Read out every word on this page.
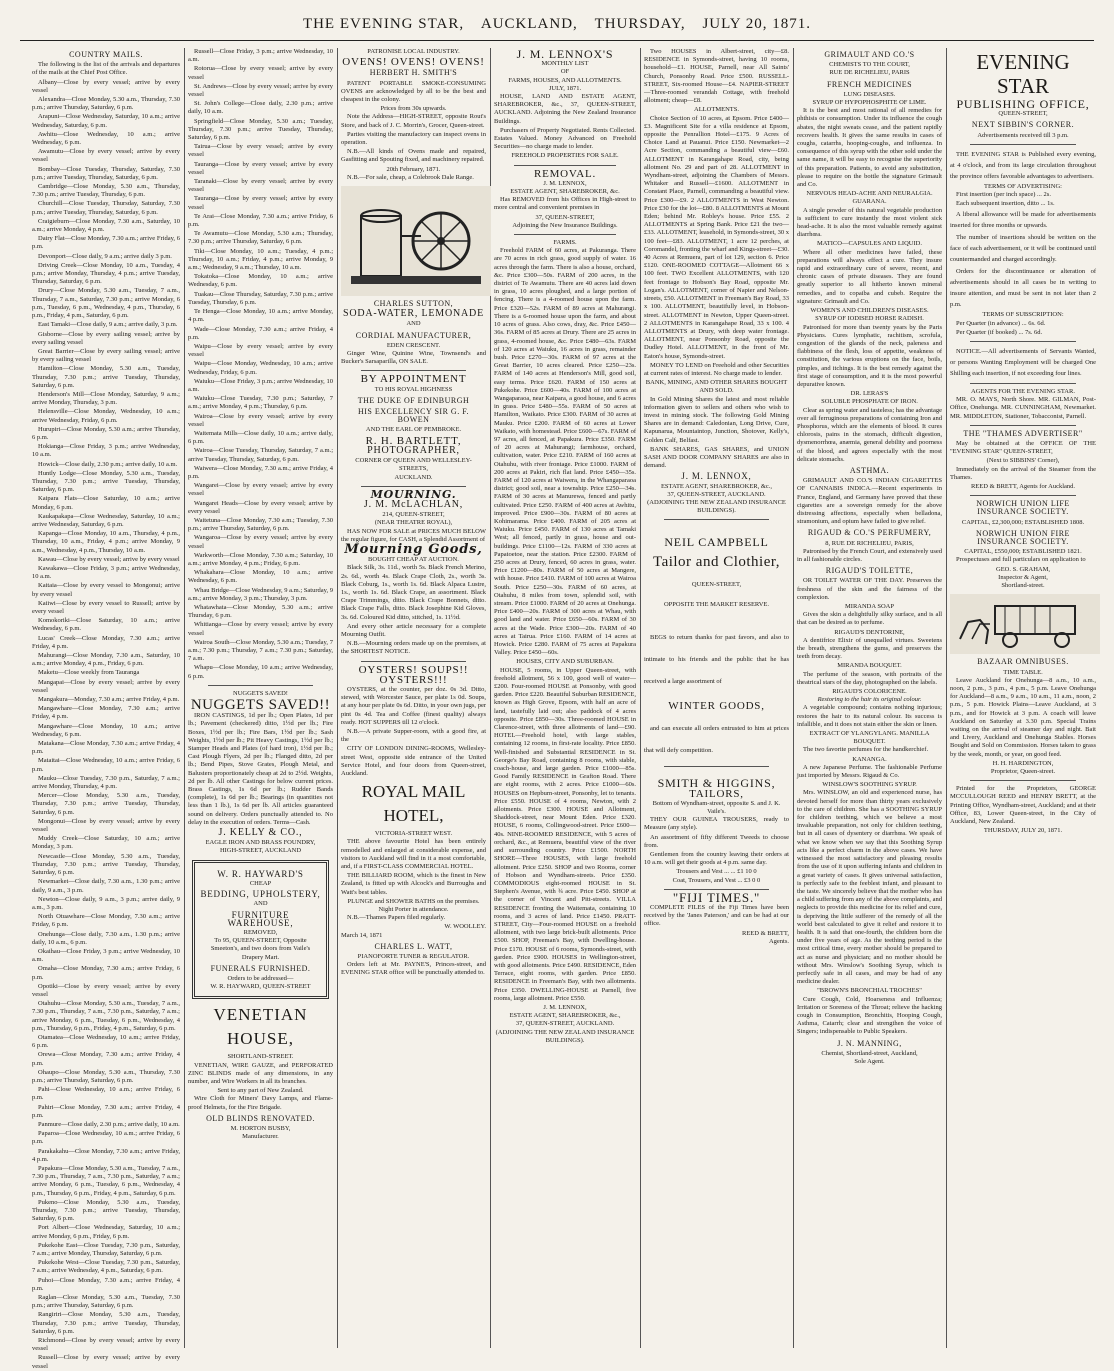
THE EVENING STAR, AUCKLAND, THURSDAY, JULY 20, 1871.
COUNTRY MAILS.

The following is the list of the arrivals and departures of the mails at the Chief Post Office.

Albany—Close by every vessel; arrive by every vessel

Alexandra—Close Monday, 5.30 a.m., Thursday, 7.30 p.m.; arrive Thursday, Saturday, 6 p.m.

Arapuni—Close Wednesday, Saturday, 10 a.m.; arrive Wednesday, Saturday, 6 p.m.

Awhitu—Close Wednesday, 10 a.m.; arrive Wednesday, 6 p.m.

Awamutu—Close by every vessel; arrive by every vessel

Bombay—Close Tuesday, Thursday, Saturday, 7.30 p.m.; arrive Tuesday, Thursday, Saturday, 6 p.m.

Cambridge—Close Monday, 5.30 a.m., Thursday, 7.30 p.m.; arrive Tuesday, Thursday, 6 p.m.

Churchill—Close Tuesday, Thursday, Saturday, 7.30 p.m.; arrive Tuesday, Thursday, Saturday, 6 p.m.

Craigieburn—Close Monday, 7.30 a.m., Saturday, 10 a.m.; arrive Monday, 4 p.m.

Dairy Flat—Close Monday, 7.30 a.m.; arrive Friday, 6 p.m.

Devonport—Close daily, 9 a.m.; arrive daily 3 p.m.

Driving Creek—Close Monday, 10 a.m., Tuesday, 4 p.m.; arrive Monday, Thursday, 4 p.m.; arrive Tuesday, Thursday, Saturday, 6 p.m.

Drury—Close Monday, 5.30 a.m., Tuesday, 7 a.m., Thursday, 7 a.m., Saturday, 7.30 p.m.; arrive Monday, 6 p.m., Tuesday, 6 p.m., Wednesday, 4 p.m., Thursday, 6 p.m., Friday, 4 p.m., Saturday, 6 p.m.

East Tamaki—Close daily, 9 a.m.; arrive daily, 3 p.m.

Gisborne—Close by every sailing vessel; arrive by every sailing vessel

Great Barrier—Close by every sailing vessel; arrive by every sailing vessel

Hamilton—Close Monday, 5.30 a.m., Tuesday, Thursday, 7.30 p.m.; arrive Tuesday, Thursday, Saturday, 6 p.m.

Henderson's Mill—Close Monday, Saturday, 9 a.m.; arrive Monday, Thursday, 3 p.m.

Helensville—Close Monday, Wednesday, 10 a.m.; arrive Wednesday, Friday, 6 p.m.

Hurupiri—Close Monday, 5.30 a.m.; arrive Thursday, 6 p.m.

Hokianga—Close Friday, 3 p.m.; arrive Wednesday, 10 a.m.

Howick—Close daily, 2.30 p.m.; arrive daily, 10 a.m.

Huntly Lodge—Close Monday, 5.30 a.m., Tuesday, Thursday, 7.30 p.m.; arrive Tuesday, Thursday, Saturday, 6 p.m.

Kaipara Flats—Close Saturday, 10 a.m.; arrive Monday, 6 p.m.

Kaukapakapa—Close Wednesday, Saturday, 10 a.m.; arrive Wednesday, Saturday, 6 p.m.

Kapanga—Close Monday, 10 a.m., Thursday, 4 p.m., Thursday, 10 a.m., Friday, 4 p.m.; arrive Monday, 9 a.m., Wednesday, 4 p.m., Thursday, 10 a.m.

Kawau—Close by every vessel; arrive by every vessel

Kawakawa—Close Friday, 3 p.m.; arrive Wednesday, 10 a.m.

Kaitaia—Close by every vessel to Mongonui; arrive by every vessel

Kaiiwi—Close by every vessel to Russell; arrive by every vessel

Komokoriki—Close Saturday, 10 a.m.; arrive Wednesday, 6 p.m.

Lucas' Creek—Close Monday, 7.30 a.m.; arrive Friday, 4 p.m.

Mahurangi—Close Monday, 7.30 a.m., Saturday, 10 a.m.; arrive Monday, 4 p.m., Friday, 6 p.m.

Maketu—Close weekly from Tauranga

Mangapai—Close by every vessel; arrive by every vessel

Mangakura—Monday, 7.30 a.m.; arrive Friday, 4 p.m.

Mangawhare—Close Monday, 7.30 a.m.; arrive Friday, 4 p.m.

Mangawhare—Close Monday, 10 a.m.; arrive Wednesday, 6 p.m.

Matakana—Close Monday, 7.30 a.m.; arrive Friday, 4 p.m.

Mataitai—Close Wednesday, 10 a.m.; arrive Friday, 6 p.m.

Mauku—Close Tuesday, 7.30 p.m., Saturday, 7 a.m.; arrive Monday, Thursday, 4 p.m.

Mercer—Close Monday, 5.30 a.m., Tuesday, Thursday, 7.30 p.m.; arrive Tuesday, Thursday, Saturday, 6 p.m.

Mongonui—Close by every vessel; arrive by every vessel

Muddy Creek—Close Saturday, 10 a.m.; arrive Monday, 3 p.m.

Newcastle—Close Monday, 5.30 a.m., Tuesday, Thursday, 7.30 p.m.; arrive Tuesday, Thursday, Saturday, 6 p.m.

Newmarket—Close daily, 7.30 a.m., 1.30 p.m.; arrive daily, 9 a.m., 3 p.m.

Newton—Close daily, 9 a.m., 3 p.m.; arrive daily, 9 a.m., 3 p.m.

North Otuawhare—Close Monday, 7.30 a.m.; arrive Friday, 6 p.m.

Onehunga—Close daily, 7.30 a.m., 1.30 p.m.; arrive daily, 10 a.m., 6 p.m.

Okaihau—Close Friday, 3 p.m.; arrive Wednesday, 10 a.m.

Omaha—Close Monday, 7.30 a.m.; arrive Friday, 6 p.m.

Opotiki—Close by every vessel; arrive by every vessel

Otahuhu—Close Monday, 5.30 a.m., Tuesday, 7 a.m., 7.30 p.m., Thursday, 7 a.m., 7.30 p.m., Saturday, 7 a.m.; arrive Monday, 6 p.m., Tuesday, 6 p.m., Wednesday, 4 p.m., Thursday, 6 p.m., Friday, 4 p.m., Saturday, 6 p.m.

Otamatea—Close Wednesday, 10 a.m.; arrive Friday, 6 p.m.

Orewa—Close Monday, 7.30 a.m.; arrive Friday, 4 p.m.

Ohaupo—Close Monday, 5.30 a.m., Thursday, 7.30 p.m.; arrive Thursday, Saturday, 6 p.m.

Pahi—Close Wednesday, 10 a.m.; arrive Friday, 6 p.m.

Pahiri—Close Monday, 7.30 a.m.; arrive Friday, 4 p.m.

Panmure—Close daily, 2.30 p.m.; arrive daily, 10 a.m.

Paparoa—Close Wednesday, 10 a.m.; arrive Friday, 6 p.m.

Parakakahu—Close Monday, 7.30 a.m.; arrive Friday, 4 p.m.

Papakura—Close Monday, 5.30 a.m., Tuesday, 7 a.m., 7.30 p.m., Thursday, 7 a.m., 7.30 p.m., Saturday, 7 a.m.; arrive Monday, 6 p.m., Tuesday, 6 p.m., Wednesday, 4 p.m., Thursday, 6 p.m., Friday, 4 p.m., Saturday, 6 p.m.

Pukeno—Close Monday, 5.30 a.m., Tuesday, Thursday, 7.30 p.m.; arrive Tuesday, Thursday, Saturday, 6 p.m.

Port Albert—Close Wednesday, Saturday, 10 a.m.; arrive Monday, 6 p.m., Friday, 6 p.m.

Pukekohe East—Close Tuesday, 7.30 p.m., Saturday, 7 a.m.; arrive Monday, Thursday, Saturday, 6 p.m.

Pukekohe West—Close Tuesday, 7.30 p.m., Saturday, 7 a.m.; arrive Wednesday, 4 p.m., Saturday, 6 p.m.

Puhoi—Close Monday, 7.30 a.m.; arrive Friday, 4 p.m.

Raglan—Close Monday, 5.30 a.m., Tuesday, 7.30 p.m.; arrive Thursday, Saturday, 6 p.m.

Rangiriri—Close Monday, 5.30 a.m., Tuesday, Thursday, 7.30 p.m.; arrive Tuesday, Thursday, Saturday, 6 p.m.

Richmond—Close by every vessel; arrive by every vessel

Russell—Close by every vessel; arrive by every vessel

Russell—Close Friday, 3 p.m.; arrive Wednesday, 10 a.m.

Rotorua—Close by every vessel; arrive by every vessel

St. Andrews—Close by every vessel; arrive by every vessel

St. John's College—Close daily, 2.30 p.m.; arrive daily, 10 a.m.

Springfield—Close Monday, 5.30 a.m.; Tuesday, Thursday, 7.30 p.m.; arrive Tuesday, Thursday, Saturday, 6 p.m.

Tairua—Close by every vessel; arrive by every vessel

Tauranga—Close by every vessel; arrive by every vessel

Taranaki—Close by every vessel; arrive by every vessel

Tauranga—Close by every vessel; arrive by every vessel

Te Arai—Close Monday, 7.30 a.m.; arrive Friday, 6 p.m.

Te Awamutu—Close Monday, 5.30 a.m.; Thursday, 7.30 p.m.; arrive Thursday, Saturday, 6 p.m.

Tiki—Close Monday, 10 a.m.; Tuesday, 4 p.m.; Thursday, 10 a.m.; Friday, 4 p.m.; arrive Monday, 9 a.m.; Wednesday, 9 a.m.; Thursday, 10 a.m.

Tokatoka—Close Monday, 10 a.m.; arrive Wednesday, 6 p.m.

Tuakau—Close Thursday, Saturday, 7.30 p.m.; arrive Tuesday, Thursday, 6 p.m.

Te Henga—Close Monday, 10 a.m.; arrive Monday, 4 p.m.

Wade—Close Monday, 7.30 a.m.; arrive Friday, 4 p.m.

Waipu—Close by every vessel; arrive by every vessel

Waipu—Close Monday, Wednesday, 10 a.m.; arrive Wednesday, Friday, 6 p.m.

Waiuku—Close Friday, 3 p.m.; arrive Wednesday, 10 a.m.

Waiuku—Close Tuesday, 7.30 p.m.; Saturday, 7 a.m.; arrive Monday, 4 p.m.; Thursday, 6 p.m.

Wairoa—Close by every vessel; arrive by every vessel

Waitemata Mills—Close daily, 10 a.m.; arrive daily, 6 p.m.

Wairoa—Close Tuesday, Thursday, Saturday, 7 a.m.; arrive Tuesday, Thursday, Saturday, 6 p.m.

Waiwera—Close Monday, 7.30 a.m.; arrive Friday, 4 p.m.

Wangarei—Close by every vessel; arrive by every vessel

Wangarei Heads—Close by every vessel; arrive by every vessel

Waitetuna—Close Monday, 7.30 a.m.; Tuesday, 7.30 p.m.; arrive Thursday, Saturday, 6 p.m.

Wangaroa—Close by every vessel; arrive by every vessel

Warkworth—Close Monday, 7.30 a.m.; Saturday, 10 a.m.; arrive Monday, 4 p.m.; Friday, 6 p.m.

Whakahara—Close Monday, 10 a.m.; arrive Wednesday, 6 p.m.

Whau Bridge—Close Wednesday, 9 a.m.; Saturday, 9 a.m.; arrive Monday, 3 p.m.; Thursday, 3 p.m.

Whatawhata—Close Monday, 5.30 a.m.; arrive Thursday, 6 p.m.

Whitianga—Close by every vessel; arrive by every vessel

Wairoa South—Close Monday, 5.30 a.m.; Tuesday, 7 a.m.; 7.30 p.m.; Thursday, 7 a.m.; 7.30 p.m.; Saturday, 7 a.m.

Whapu—Close Monday, 10 a.m.; arrive Wednesday, 6 p.m.

NUGGETS SAVED!
NUGGETS SAVED!!

IRON CASTINGS, 1d per lb.; Open Plates, 1d per lb.; Pavement (checkered) ditto, 1½d per lb.; Fire Boxes, 1½d per lb.; Fire Bars, 1½d per lb.; Sash Weights, 1½d per lb.; Pit Heavy Castings, 1½d per lb.; Stamper Heads and Plates (of hard iron), 1½d per lb.; Cast Plough Flyers, 2d per lb.; Flanged ditto, 2d per lb.; Bend Pipes, Stove Grates, Plough Metal, and Balusters proportionately cheap at 2d to 2½d. Weights, 2d per lb. All other Castings for below current prices. Brass Castings, 1s 6d per lb.; Rudder Bands (complete), 1s 6d per lb.; Bearings (in quantities not less than 1 lb.), 1s 6d per lb. All articles guaranteed sound on delivery. Orders punctually attended to. No delay in the execution of orders. Terms—Cash.

J. KELLY & CO.,
EAGLE IRON AND BRASS FOUNDRY,
HIGH-STREET, AUCKLAND
W. R. HAYWARD'S
CHEAP
BEDDING, UPHOLSTERY,
AND
FURNITURE WAREHOUSE,
REMOVED,
To 95, QUEEN-STREET, Opposite Smeeton's, and two doors from Vaile's Drapery Mart.
FUNERALS FURNISHED.
Orders to be addressed—
W. R. HAYWARD, QUEEN-STREET
VENETIAN HOUSE,
SHORTLAND-STREET.

VENETIAN, WIRE GAUZE, and PERFORATED ZINC BLINDS made of any dimensions, in any number, and Wire Workers in all its branches.

Sent to any part of New Zealand.

Wire Cloth for Miners' Davy Lamps, and Flame-proof Helmets, for the Fire Brigade.

OLD BLINDS RENOVATED.
M. HORTON BUSBY,
Manufacturer.
PATRONISE LOCAL INDUSTRY.
OVENS! OVENS! OVENS!
HERBERT H. SMITH'S

PATENT PORTABLE SMOKE-CONSUMING OVENS are acknowledged by all to be the best and cheapest in the colony.

Prices from 30s upwards.

Note the Address—HIGH-STREET, opposite Rout's Store, and back of J. C. Morrin's, Grocer, Queen-street.

Parties visiting the manufactory can inspect ovens in operation.

N.B.—All kinds of Ovens made and repaired, Gasfitting and Spouting fixed, and machinery repaired.

20th February, 1871.

N.B.—For sale, cheap, a Colebrook Dale Range.

CHARLES SUTTON,
SODA-WATER, LEMONADE
AND
CORDIAL MANUFACTURER,
EDEN CRESCENT.

Ginger Wine, Quinine Wine, Townsend's and Bucker's Sarsaparilla, ON SALE.

BY APPOINTMENT
TO HIS ROYAL HIGHNESS
THE DUKE OF EDINBURGH
HIS EXCELLENCY SIR G. F. BOWEN
AND THE EARL OF PEMBROKE.
R. H. BARTLETT,
PHOTOGRAPHER,
CORNER OF QUEEN AND WELLESLEY-STREETS,
AUCKLAND.
MOURNING.
J. M. McLACHLAN,
214, QUEEN-STREET,
(NEAR THEATRE ROYAL),

HAS NOW FOR SALE at PRICES MUCH BELOW the regular figure, for CASH, a Splendid Assortment of

Mourning Goods,
BOUGHT CHEAP AT AUCTION.

Black Silk, 3s. 11d., worth 5s. Black French Merino, 2s. 6d., worth 4s. Black Crape Cloth, 2s., worth 3s. Black Coburg, 1s., worth 1s. 6d. Black Alpaca Lustre, 1s., worth 1s. 6d. Black Crape, an assortment. Black Crape Trimmings, ditto. Black Crape Bonnets, ditto. Black Crape Falls, ditto. Black Josephine Kid Gloves, 3s. 6d. Coloured Kid ditto, stitched, 1s. 11½d.

And every other article necessary for a complete Mourning Outfit.

N.B.—Mourning orders made up on the premises, at the SHORTEST NOTICE.

OYSTERS! SOUPS!!
OYSTERS!!!

OYSTERS, at the counter, per doz. 0s 3d. Ditto, stewed, with Worcester Sauce, per plate 1s 0d. Soups, at any hour per plate 0s 6d. Ditto, in your own jugs, per pint 0s 4d. Tea and Coffee (finest quality) always ready. HOT SUPPERS till 12 o'clock.

N.B.—A private Supper-room, with a good fire, at the

CITY OF LONDON DINING-ROOMS, Wellesley-street West, opposite side entrance of the United Service Hotel, and four doors from Queen-street, Auckland.

ROYAL MAIL HOTEL,
VICTORIA-STREET WEST.

THE above favourite Hotel has been entirely remodelled and enlarged at considerable expense, and visitors to Auckland will find in it a most comfortable, and, if a FIRST-CLASS COMMERCIAL HOTEL.

THE BILLIARD ROOM, which is the finest in New Zealand, is fitted up with Alcock's and Burroughs and Watt's best tables.

PLUNGE and SHOWER BATHS on the premises.
Night Porter in attendance.

N.B.—Thames Papers filed regularly.

W. WOOLLEY.
March 14, 1871
CHARLES L. WATT,
PIANOFORTE TUNER & REGULATOR.

Orders left at Mr. PAYNE'S, Princes-street, and EVENING STAR office will be punctually attended to.

J. M. LENNOX'S
MONTHLY LIST
OF
FARMS, HOUSES, AND ALLOTMENTS.
JULY, 1871.

HOUSE, LAND AND ESTATE AGENT, SHAREBROKER, &c., 37, QUEEN-STREET, AUCKLAND. Adjoining the New Zealand Insurance Buildings.

Purchasers of Property Negotiated. Rents Collected. Estates Valued. Money Advanced on Freehold Securities—no charge made to lender.

FREEHOLD PROPERTIES FOR SALE.
REMOVAL.
J. M. LENNOX,
ESTATE AGENT, SHAREBROKER, &c.

Has REMOVED from his Offices in High-street to more central and convenient premises in

37, QUEEN-STREET,
Adjoining the New Insurance Buildings.
FARMS.

Freehold FARM of 60 acres, at Pakuranga. There are 70 acres in rich grass, good supply of water. 16 acres through the farm. There is also a house, orchard, &c. Price £300—50s. FARM of 200 acres, in the district of Te Awamutu. There are 40 acres laid down in grass, 10 acres ploughed, and a large portion of fencing. There is a 4-roomed house upon the farm. Price £320—52s. FARM of 89 acres at Mahurangi. There is a 6-roomed house upon the farm, and about 10 acres of grass. Also cows, dray, &c. Price £450—36s. FARM of 85 acres at Drury. There are 25 acres in grass, 4-roomed house, &c. Price £480—63s. FARM of 120 acres at Waiuku, 16 acres in grass, remainder bush. Price £270—30s. FARM of 97 acres at the Great Barrier, 10 acres cleared. Price £250—23s. FARM of 140 acres at Henderson's Mill, good soil, easy terms. Price £620. FARM of 150 acres at Pukekohe. Price £600—40s. FARM of 100 acres at Wangaparaoa, near Kaipara, a good house, and 6 acres in grass. Price £480—55s. FARM of 50 acres at Hamilton, Waikato. Price £300. FARM of 30 acres at Mauku. Price £200. FARM of 60 acres at Lower Waikato, with homestead. Price £600—67s. FARM of 97 acres, all fenced, at Papakura. Price £350. FARM of 20 acres at Mahurangi; farmhouse, orchard, cultivation, water. Price £210. FARM of 160 acres at Otahuhu, with river frontage. Price £1000. FARM of 200 acres at Pakiri, rich flat land. Price £450—35s. FARM of 120 acres at Waiwera, in the Whangaparaoa district; good soil, near a township. Price £250—34s. FARM of 30 acres at Manurewa, fenced and partly cultivated. Price £250. FARM of 400 acres at Awhitu, improved. Price £900—30s. FARM of 80 acres at Kohimarama. Price £400. FARM of 205 acres at Waiuku. Price £450. FARM of 130 acres at Tamaki West; all fenced, partly in grass, house and out-buildings. Price £1100—12s. FARM of 330 acres at Papatoetoe, near the station. Price £2300. FARM of 250 acres at Drury, fenced, 60 acres in grass, water. Price £1200—80s. FARM of 50 acres at Mangere, with house. Price £410. FARM of 100 acres at Wairoa South. Price £250—30s. FARM of 60 acres, at Otahuhu, 8 miles from town, splendid soil, with stream. Price £1000. FARM of 20 acres at Onehunga. Price £400—20s. FARM of 300 acres at Whau, with good land and water. Price £650—60s. FARM of 30 acres at the Wade. Price £300—20s. FARM of 40 acres at Tairua. Price £160. FARM of 14 acres at Howick. Price £280. FARM of 75 acres at Papakura Valley. Price £450—60s.

HOUSES, CITY AND SUBURBAN.

HOUSE, 5 rooms, in Upper Queen-street, with freehold allotment, 56 x 100, good well of water—£200. Four-roomed HOUSE at Ponsonby, with good garden. Price £220. Beautiful Suburban RESIDENCE, known as High Grove, Epsom, with half an acre of land, tastefully laid out; also paddock of 4 acres opposite. Price £850—30s. Three-roomed HOUSE in Clarence-street, with three allotments of land—£90. HOTEL—Freehold hotel, with large stables, containing 12 rooms, in first-rate locality. Price £850. Well-finished and Substantial RESIDENCE in St. George's Bay Road, containing 8 rooms, with stable, coach-house, and large garden. Price £1000—85s. Good Family RESIDENCE in Grafton Road. There are eight rooms, with 2 acres. Price £1000—60s. HOUSES on Hepburn-street, Ponsonby, let to tenants. Price £550. HOUSE of 4 rooms, Newton, with 2 allotments. Price £300. HOUSE and Allotment, Shaddock-street, near Mount Eden. Price £320. HOUSE, 6 rooms, Collingwood-street. Price £600—40s. NINE-ROOMED RESIDENCE, with 5 acres of orchard, &c., at Remuera, beautiful view of the river and surrounding country. Price £1500. NORTH SHORE—Three HOUSES, with large freehold allotment. Price £250. SHOP and two Rooms, corner of Hobson and Wyndham-streets. Price £350. COMMODIOUS eight-roomed HOUSE in St. Stephen's Avenue, with ¾ acre. Price £450. SHOP at the corner of Vincent and Pitt-streets. VILLA RESIDENCE fronting the Waitemata, containing 10 rooms, and 3 acres of land. Price £1450. PRATT-STREET, City—Four-roomed HOUSE on a freehold allotment, with two large brick-built allotments. Price £500. SHOP, Freeman's Bay, with Dwelling-house. Price £170. HOUSE of 6 rooms, Symonds-street, with garden. Price £900. HOUSES in Wellington-street, with good allotments. Price £490. RESIDENCE, Eden Terrace, eight rooms, with garden. Price £850. RESIDENCE in Freeman's Bay, with two allotments. Price £350. DWELLING-HOUSE at Parnell, five rooms, large allotment. Price £550.

J. M. LENNOX,
ESTATE AGENT, SHAREBROKER, &c.,
37, QUEEN-STREET, AUCKLAND.
(ADJOINING THE NEW ZEALAND INSURANCE BUILDINGS).

Two HOUSES in Albert-street, city—£8. RESIDENCE in Symonds-street, having 10 rooms, household—£1. HOUSE, Parnell, near All Saints' Church, Ponsonby Road. Price £500. RUSSELL-STREET, Six-roomed House—£4. NAPIER-STREET—Three-roomed verandah Cottage, with freehold allotment; cheap—£8.

ALLOTMENTS.

Choice Section of 10 acres, at Epsom. Price £400—£3. Magnificent Site for a villa residence at Epsom, opposite the Penrallion Hotel—£175. 9 Acres of Choice Land at Pauanui. Price £150. Newmarket—2 Acre Section, commanding a beautiful view—£60. ALLOTMENT in Karangahape Road, city, being allotment No. 29 and part of 28. ALLOTMENT in Wyndham-street, adjoining the Chambers of Messrs. Whitaker and Russell—£1600. ALLOTMENT in Constant Place, Parnell, commanding a beautiful view. Price £300—£9. 2 ALLOTMENTS in West Newton. Price £30 for the lot—£80. 8 ALLOTMENTS at Mount Eden; behind Mr. Robley's house. Price £55. 2 ALLOTMENTS at Spring Bank. Price £21 the two—£33. ALLOTMENT, leasehold, in Symonds-street, 30 x 100 feet—£83. ALLOTMENT, 1 acre 12 perches, at Coromandel, fronting the wharf and Kings-street—£30. 40 Acres at Remuera, part of lot 129, section 6. Price £120. ONE-ROOMED COTTAGE—Allotment 66 x 100 feet. TWO Excellent ALLOTMENTS, with 120 feet frontage to Hobson's Bay Road, opposite Mr. Logan's. ALLOTMENT, corner of Napier and Nelson-streets, £50. ALLOTMENT in Freeman's Bay Road, 33 x 100. ALLOTMENT, beautifully level, in Hobson-street. ALLOTMENT in Newton, Upper Queen-street. 2 ALLOTMENTS in Karangahape Road, 33 x 100. 4 ALLOTMENTS at Drury, with deep water frontage. ALLOTMENT, near Ponsonby Road, opposite the Dudley Hotel. ALLOTMENT, in the front of Mr. Eaton's house, Symonds-street.

MONEY TO LEND on Freehold and other Securities at current rates of interest. No charge made to lender.

BANK, MINING, AND OTHER SHARES BOUGHT AND SOLD.

In Gold Mining Shares the latest and most reliable information given to sellers and others who wish to invest in mining stock. The following Gold Mining Shares are in demand: Caledonian, Long Drive, Cure, Kapunarua, Mountaintop, Junction, Shotover, Kelly's, Golden Calf, Belfast.

BANK SHARES, GAS SHARES, and UNION SASH AND DOOR COMPANY SHARES are also in demand.

J. M. LENNOX,
ESTATE AGENT, SHAREBROKER, &c.,
37, QUEEN-STREET, AUCKLAND.
(ADJOINING THE NEW ZEALAND INSURANCE BUILDINGS).
NEIL CAMPBELL
Tailor and Clothier,
QUEEN-STREET,
OPPOSITE THE MARKET RESERVE.

BEGS to return thanks for past favors, and also to intimate to his friends and the public that he has received a large assortment of

WINTER GOODS,

and can execute all orders entrusted to him at prices that will defy competition.

SMITH & HIGGINS,
TAILORS,
Bottom of Wyndham-street, opposite S. and J. K. Vaile's.

THEY OUR GUINEA TROUSERS, ready to Measure (any style).

An assortment of fifty different Tweeds to choose from.

Gentlemen from the country leaving their orders at 10 a.m. will get their goods at 4 p.m. same day.

Trousers and Vest ... ... £1 10 0
Coat, Trousers, and Vest ... £3 0 0
"FIJI TIMES."

COMPLETE FILES of the Fiji Times have been received by the 'Janes Paterson,' and can be had at our office.

REED & BRETT,
Agents.
GRIMAULT AND CO.'S
CHEMISTS TO THE COURT,
RUE DE RICHELIEU, PARIS
FRENCH MEDICINES
LUNG DISEASES.
SYRUP OF HYPOPHOSPHITE OF LIME.

It is the best and most rational of all remedies for phthisis or consumption. Under its influence the cough abates, the night sweats cease, and the patient rapidly recovers health. It gives the same results in cases of coughs, catarrhs, hooping-coughs, and influenza. In consequence of this syrup with the other sold under the same name, it will be easy to recognise the superiority of this preparation. Patients, to avoid any substitution, please to require on the bottle the signature Grimault and Co.

NERVOUS HEAD-ACHE AND NEURALGIA.
GUARANA.

A single powder of this natural vegetable production is sufficient to cure instantly the most violent sick head-ache. It is also the most valuable remedy against diarrhœa.

MATICO—CAPSULES AND LIQUID.

Where all other medicines have failed, these preparations will always effect a cure. They insure rapid and extraordinary cure of severe, recent, and chronic cases of private diseases. They are found greatly superior to all hitherto known mineral remedies, and to copaiba and cubeb. Require the signature: Grimault and Co.

WOMEN'S AND CHILDREN'S DISEASES.
SYRUP OF IODISED HORSE RADISH.

Patronised for more than twenty years by the Paris Physicians. Cures lymphatic, rachitism, scrofula, congestion of the glands of the neck, paleness and flabbiness of the flesh, loss of appetite, weakness of constitution, the various eruptions on the face, boils, pimples, and itchings. It is the best remedy against the first stage of consumption, and it is the most powerful depurative known.

DR. LERAS'S
SOLUBLE PHOSPHATE OF IRON.

Clear as spring water and tasteless; has the advantage over all ferruginous preparations of containing Iron and Phosphorus, which are the elements of blood. It cures chlorosis, pains in the stomach, difficult digestion, dysmenorrhœa, anæmia, general debility and poorness of the blood, and agrees especially with the most delicate stomachs.

ASTHMA.

GRIMAULT AND CO.'S INDIAN CIGARETTES OF CANNABIS INDICA.—Recent experiments in France, England, and Germany have proved that these cigarettes are a sovereign remedy for the above distressing affections, especially when belladona, stramonium, and opium have failed to give relief.

RIGAUD & CO.'S PERFUMERY,
8, RUE DE RICHELIEU, PARIS,

Patronised by the French Court, and extensively used in all fashionable circles.

RIGAUD'S TOILETTE,

OR TOILET WATER OF THE DAY. Preserves the freshness of the skin and the fairness of the complexion.

MIRANDA SOAP

Gives the skin a delightfully silky surface, and is all that can be desired as to perfume.

RIGAUD'S DENTORINE,

A dentifrice Elixir of unequalled virtues. Sweetens the breath, strengthens the gums, and preserves the teeth from decay.

MIRANDA BOUQUET.

The perfume of the season, with portraits of the theatrical stars of the day, photographed on the labels.

RIGAUD'S COLORICENE.
Restoring to the hair its original colour.

A vegetable compound; contains nothing injurious; restores the hair to its natural colour. Its success is infallible, and it does not stain either the skin or linen.

EXTRACT OF YLANGYLANG. MANILLA BOUQUET.

The two favorite perfumes for the handkerchief.

KANANGA.

A new Japanese Perfume. The fashionable Perfume just imported by Messrs. Rigaud & Co.

WINSLOW'S SOOTHING SYRUP.

Mrs. WINSLOW, an old and experienced nurse, has devoted herself for more than thirty years exclusively to the care of children. She has a SOOTHING SYRUP for children teething, which we believe a most invaluable preparation, not only for children teething, but in all cases of dysentery or diarrhœa. We speak of what we know when we say that this Soothing Syrup acts like a perfect charm in the above cases. We have witnessed the most satisfactory and pleasing results from the use of it upon suffering infants and children in a great variety of cases. It gives universal satisfaction, is perfectly safe to the feeblest infant, and pleasant to the taste. We sincerely believe that the mother who has a child suffering from any of the above complaints, and neglects to provide this medicine for its relief and cure, is depriving the little sufferer of the remedy of all the world best calculated to give it relief and restore it to health. It is said that one-fourth, the children born die under five years of age. As the teething period is the most critical time, every mother should be prepared to act as nurse and physician; and no mother should be without Mrs. Winslow's Soothing Syrup, which is perfectly safe in all cases, and may be had of any medicine dealer.

"BROWN'S BRONCHIAL TROCHES"

Cure Cough, Cold, Hoarseness and Influenza; Irritation or Soreness of the Throat; relieve the hacking cough in Consumption, Bronchitis, Hooping Cough, Asthma, Catarrh; clear and strengthen the voice of Singers; indispensable to Public Speakers.

J. N. MANNING,
Chemist, Shortland-street, Auckland,
Sole Agent.
EVENING STAR
PUBLISHING OFFICE,
QUEEN-STREET,
NEXT SIBBIN'S CORNER.
Advertisements received till 3 p.m.

THE EVENING STAR is Published every evening, at 4 o'clock, and from its large circulation throughout the province offers favorable advantages to advertisers.

TERMS OF ADVERTISING:

First insertion (per inch space) ... 2s.

Each subsequent insertion, ditto ... 1s.

A liberal allowance will be made for advertisements inserted for three months or upwards.

The number of insertions should be written on the face of each advertisement, or it will be continued until countermanded and charged accordingly.

Orders for the discontinuance or alteration of advertisements should in all cases be in writing to insure attention, and must be sent in not later than 2 p.m.

TERMS OF SUBSCRIPTION:

Per Quarter (in advance) ... 6s. 6d.

Per Quarter (if booked) ... 7s. 6d.

NOTICE.—All advertisements of Servants Wanted, or persons Wanting Employment will be charged One Shilling each insertion, if not exceeding four lines.

AGENTS FOR THE EVENING STAR.

MR. O. MAYS, North Shore. MR. GILMAN, Post-Office, Onehunga. MR. CUNNINGHAM, Newmarket. MR. MIDDLETON, Stationer, Tobacconist, Parnell.

THE "THAMES ADVERTISER"

May be obtained at the OFFICE OF THE "EVENING STAR" QUEEN-STREET,

(Next to SIBBINS' Corner),

Immediately on the arrival of the Steamer from the Thames.

REED & BRETT, Agents for Auckland.
NORWICH UNION LIFE INSURANCE SOCIETY.
CAPITAL, £2,300,000; ESTABLISHED 1808.
NORWICH UNION FIRE INSURANCE SOCIETY.
CAPITAL, £550,000; ESTABLISHED 1821.

Prospectuses and full particulars on application to

GEO. S. GRAHAM,
Inspector & Agent,
Shortland-street.
BAZAAR OMNIBUSES.
TIME TABLE.

Leave Auckland for Onehunga—8 a.m., 10 a.m., noon, 2 p.m., 3 p.m., 4 p.m., 5 p.m. Leave Onehunga for Auckland—8 a.m., 9 a.m., 10 a.m., 11 a.m., noon, 2 p.m., 5 p.m. Howick Plains—Leave Auckland, at 3 p.m., and for Howick at 3 p.m. A coach will leave Auckland on Saturday at 3.30 p.m. Special Trains waiting on the arrival of steamer day and night. Bait and Livery, Auckland and Onehunga Stables. Horses Bought and Sold on Commission. Horses taken to grass by the week, month, or year, on good feed.

H. H. HARDINGTON,
Proprietor, Queen-street.

Printed for the Proprietors, GEORGE MCCULLOUGH REED and HENRY BRETT, at the Printing Office, Wyndham-street, Auckland; and at their Office, 83, Lower Queen-street, in the City of Auckland, New Zealand.

THURSDAY, JULY 20, 1871.
